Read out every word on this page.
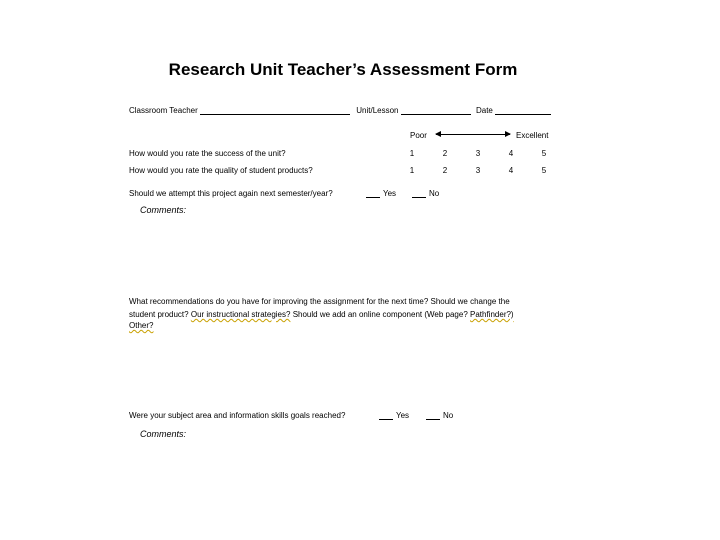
Research Unit Teacher’s Assessment Form
Classroom Teacher	Unit/Lesson	Date
Poor	Excellent
How would you rate the success of the unit?	1	2	3	4	5
How would you rate the quality of student products?	1	2	3	4	5
Should we attempt this project again next semester/year?	Yes	No
Comments:
What recommendations do you have for improving the assignment for the next time? Should we change the
student product? Our instructional strategies? Should we add an online component (Web page? Pathfinder?)
Other?
Were your subject area and information skills goals reached?	Yes	No
Comments:
